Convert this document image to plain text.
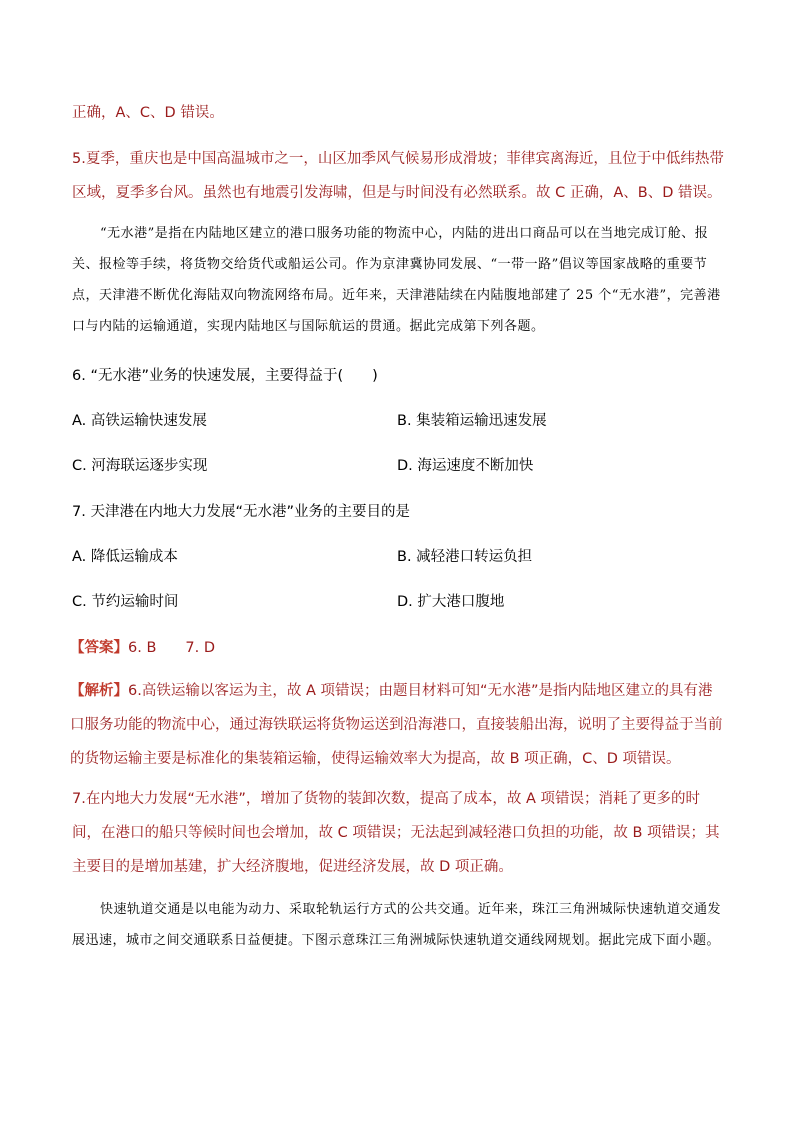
正确，A、C、D 错误。
5.夏季，重庆也是中国高温城市之一，山区加季风气候易形成滑坡；菲律宾离海近，且位于中低纬热带区域，夏季多台风。虽然也有地震引发海啸，但是与时间没有必然联系。故 C 正确，A、B、D 错误。
“无水港”是指在内陆地区建立的港口服务功能的物流中心，内陆的进出口商品可以在当地完成订舱、报关、报检等手续，将货物交给货代或船运公司。作为京津冀协同发展、“一带一路”倡议等国家战略的重要节点，天津港不断优化海陆双向物流网络布局。近年来，天津港陆续在内陆腹地部建了 25 个“无水港”，完善港口与内陆的运输通道，实现内陆地区与国际航运的贯通。据此完成第下列各题。
6. “无水港”业务的快速发展，主要得益于(　　)
A. 高铁运输快速发展	B. 集装箱运输迅速发展
C. 河海联运逐步实现	D. 海运速度不断加快
7. 天津港在内地大力发展“无水港”业务的主要目的是
A. 降低运输成本	B. 减轻港口转运负担
C. 节约运输时间	D. 扩大港口腹地
【答案】6. B　　7. D
【解析】6.高铁运输以客运为主，故 A 项错误；由题目材料可知“无水港”是指内陆地区建立的具有港口服务功能的物流中心，通过海铁联运将货物运送到沿海港口，直接装船出海，说明了主要得益于当前的货物运输主要是标准化的集装箱运输，使得运输效率大为提高，故 B 项正确，C、D 项错误。
7.在内地大力发展“无水港”，增加了货物的装卸次数，提高了成本，故 A 项错误；消耗了更多的时间，在港口的船只等候时间也会增加，故 C 项错误；无法起到减轻港口负担的功能，故 B 项错误；其主要目的是增加基建，扩大经济腹地，促进经济发展，故 D 项正确。
快速轨道交通是以电能为动力、采取轮轨运行方式的公共交通。近年来，珠江三角洲城际快速轨道交通发展迅速，城市之间交通联系日益便捷。下图示意珠江三角洲城际快速轨道交通线网规划。据此完成下面小题。
